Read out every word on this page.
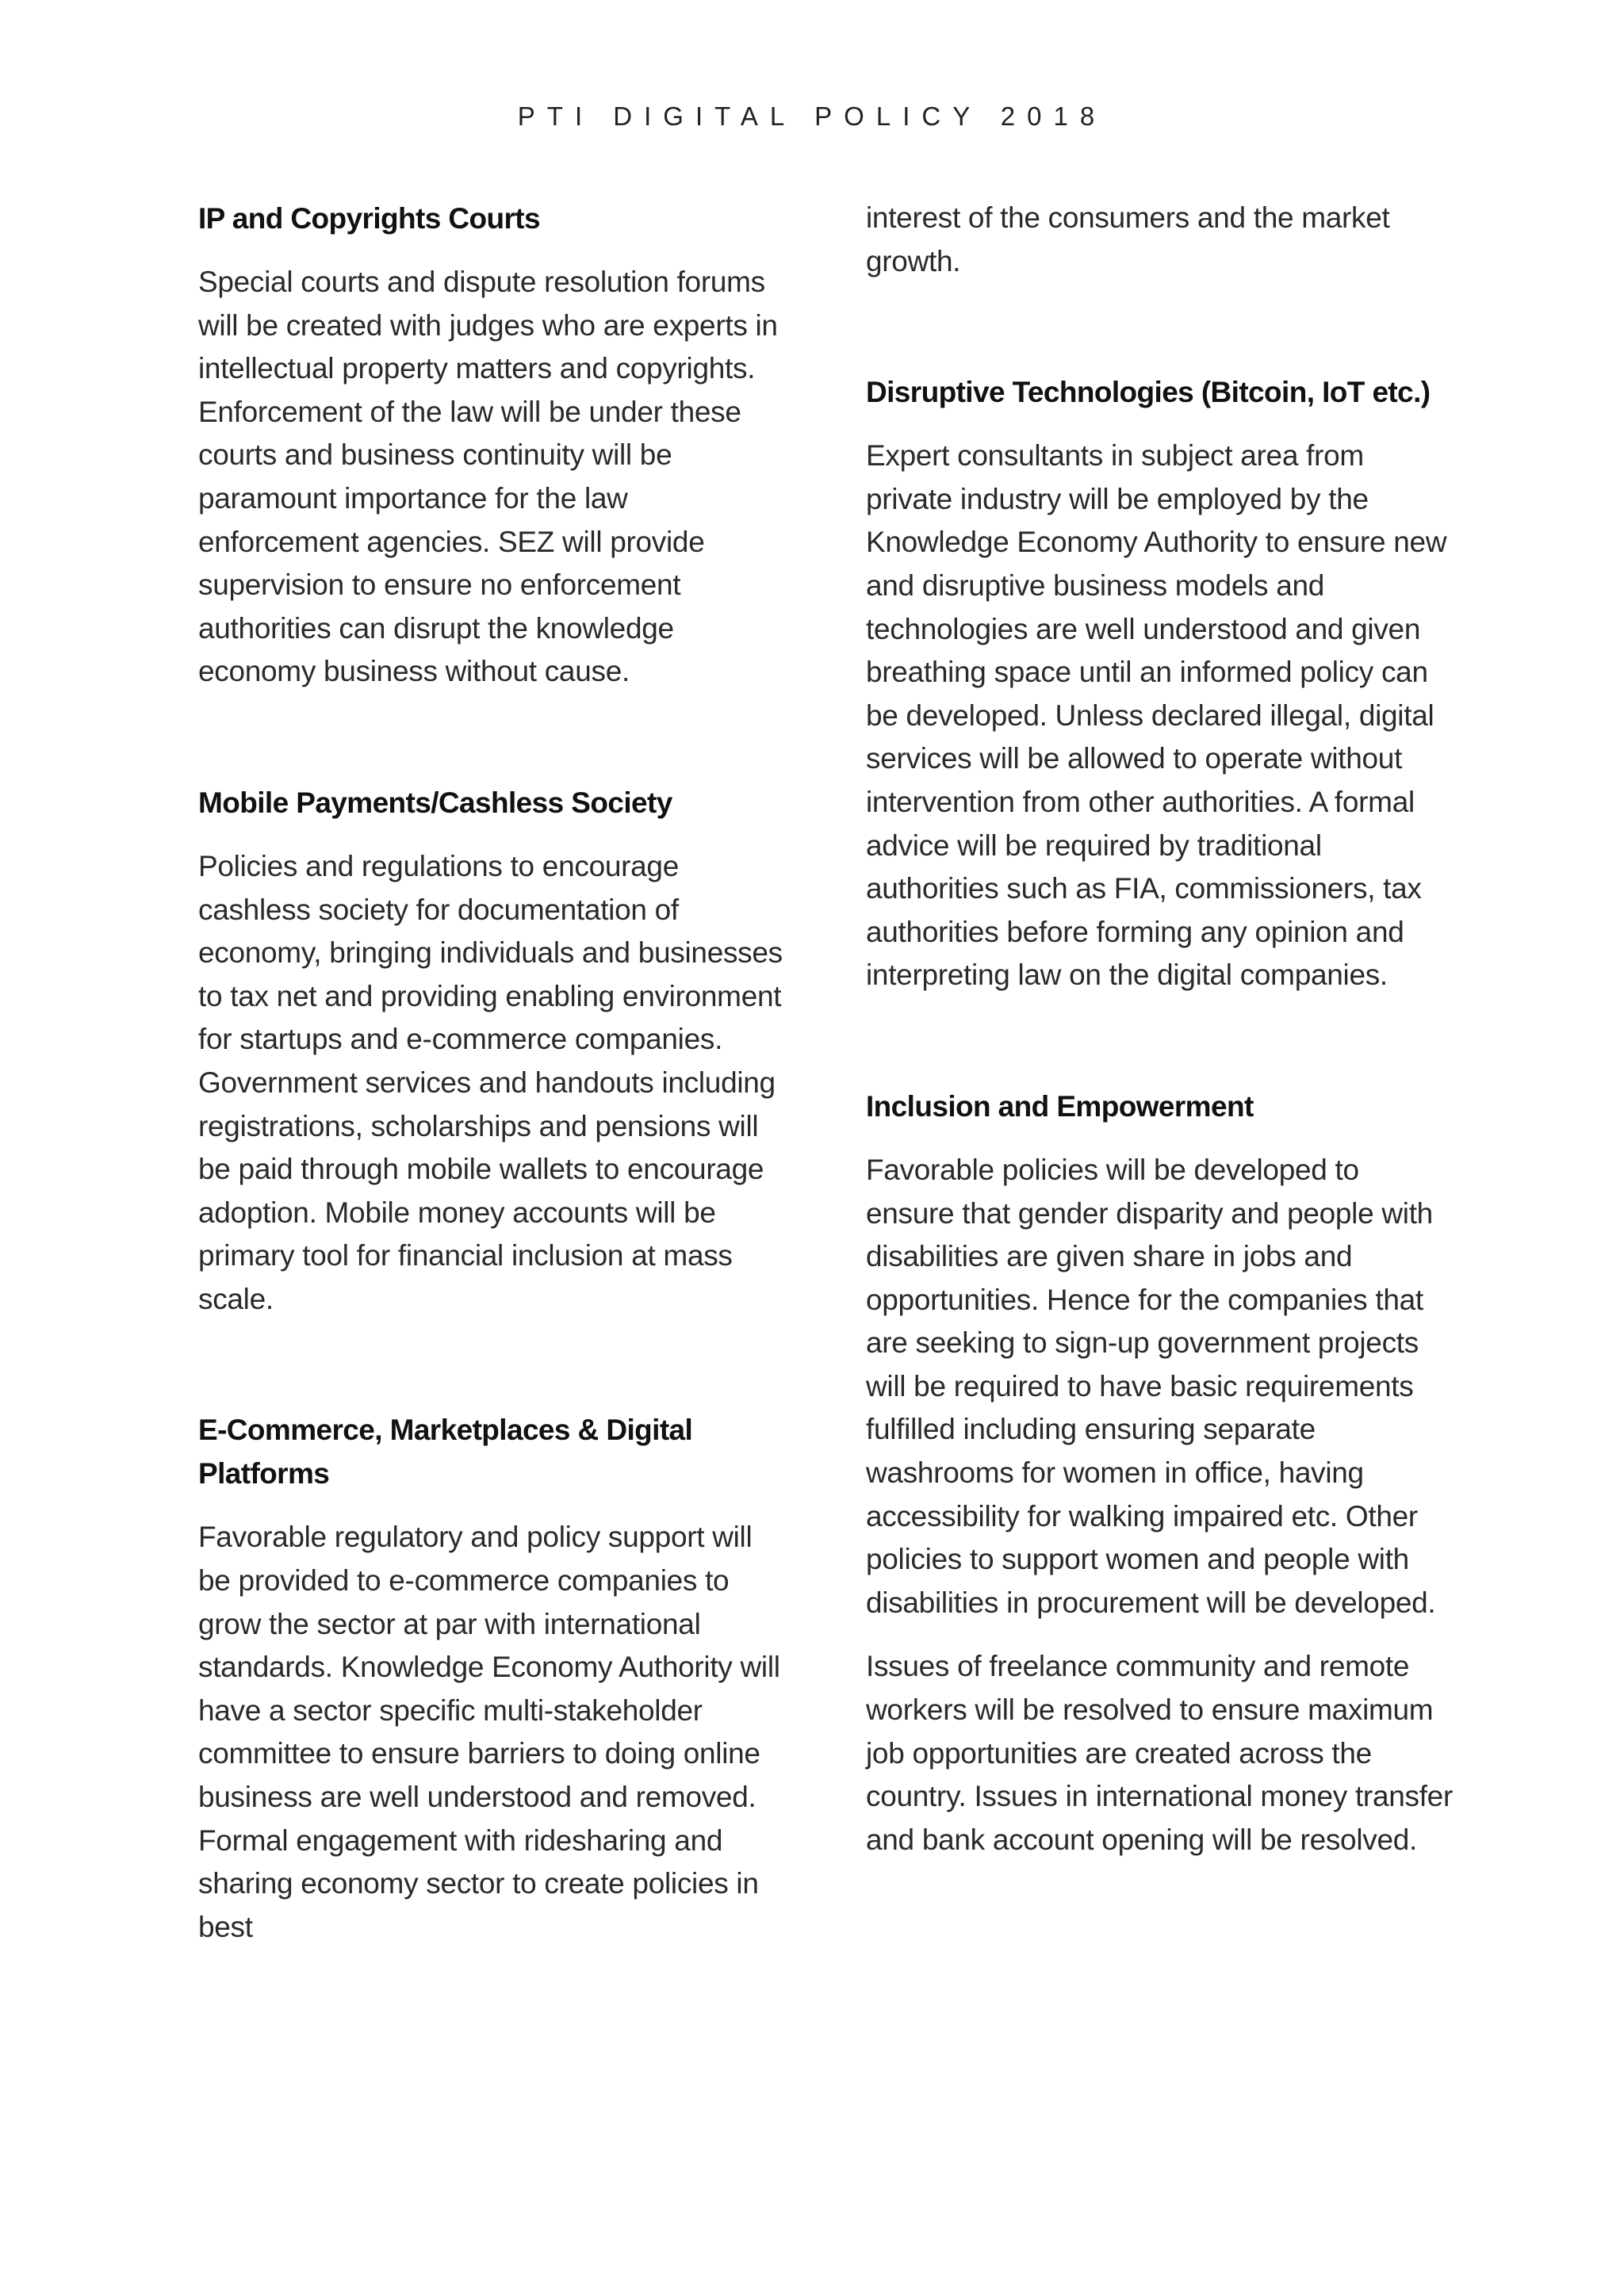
PTI DIGITAL POLICY 2018
IP and Copyrights Courts

Special courts and dispute resolution forums will be created with judges who are experts in intellectual property matters and copyrights. Enforcement of the law will be under these courts and business continuity will be paramount importance for the law enforcement agencies. SEZ will provide supervision to ensure no enforcement authorities can disrupt the knowledge economy business without cause.

Mobile Payments/Cashless Society

Policies and regulations to encourage cashless society for documentation of economy, bringing individuals and businesses to tax net and providing enabling environment for startups and e-commerce companies. Government services and handouts including registrations, scholarships and pensions will be paid through mobile wallets to encourage adoption. Mobile money accounts will be primary tool for financial inclusion at mass scale.

E-Commerce, Marketplaces & Digital Platforms

Favorable regulatory and policy support will be provided to e-commerce companies to grow the sector at par with international standards. Knowledge Economy Authority will have a sector specific multi-stakeholder committee to ensure barriers to doing online business are well understood and removed. Formal engagement with ridesharing and sharing economy sector to create policies in best

interest of the consumers and the market growth.

Disruptive Technologies (Bitcoin, IoT etc.)

Expert consultants in subject area from private industry will be employed by the Knowledge Economy Authority to ensure new and disruptive business models and technologies are well understood and given breathing space until an informed policy can be developed. Unless declared illegal, digital services will be allowed to operate without intervention from other authorities. A formal advice will be required by traditional authorities such as FIA, commissioners, tax authorities before forming any opinion and interpreting law on the digital companies.

Inclusion and Empowerment

Favorable policies will be developed to ensure that gender disparity and people with disabilities are given share in jobs and opportunities. Hence for the companies that are seeking to sign-up government projects will be required to have basic requirements fulfilled including ensuring separate washrooms for women in office, having accessibility for walking impaired etc. Other policies to support women and people with disabilities in procurement will be developed.

Issues of freelance community and remote workers will be resolved to ensure maximum job opportunities are created across the country. Issues in international money transfer and bank account opening will be resolved.
